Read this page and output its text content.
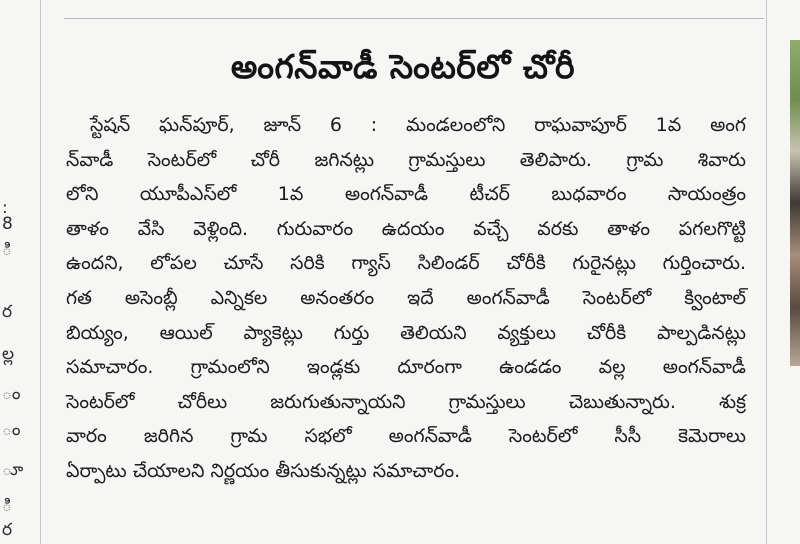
:
8
ి
ర
ల్ల
ం
ం
ూ
ి
ర
అంగన్‌వాడీ సెంటర్‌లో చోరీ
స్టేషన్ ఘన్‌పూర్, జూన్ 6 : మండలంలోని రాఘవాపూర్ 1వ అంగ
న్‌వాడీ సెంటర్‌లో చోరీ జగినట్లు గ్రామస్తులు తెలిపారు. గ్రామ శివారు
లోని యూపీఎస్‌లో 1వ అంగన్‌వాడీ టీచర్ బుధవారం సాయంత్రం
తాళం వేసి వెళ్లింది. గురువారం ఉదయం వచ్చే వరకు తాళం పగలగొట్టి
ఉందని, లోపల చూసే సరికి గ్యాస్ సిలిండర్ చోరీకి గురైనట్లు గుర్తించారు.
గత అసెంబ్లీ ఎన్నికల అనంతరం ఇదే అంగన్‌వాడీ సెంటర్‌లో క్వింటాల్
బియ్యం, ఆయిల్ ప్యాకెట్లు గుర్తు తెలియని వ్యక్తులు చోరీకి పాల్పడినట్లు
సమాచారం. గ్రామంలోని ఇండ్లకు దూరంగా ఉండడం వల్ల అంగన్‌వాడీ
సెంటర్‌లో చోరీలు జరుగుతున్నాయని గ్రామస్తులు చెబుతున్నారు. శుక్ర
వారం జరిగిన గ్రామ సభలో అంగన్‌వాడీ సెంటర్‌లో సీసీ కెమెరాలు
ఏర్పాటు చేయాలని నిర్ణయం తీసుకున్నట్లు సమాచారం.
